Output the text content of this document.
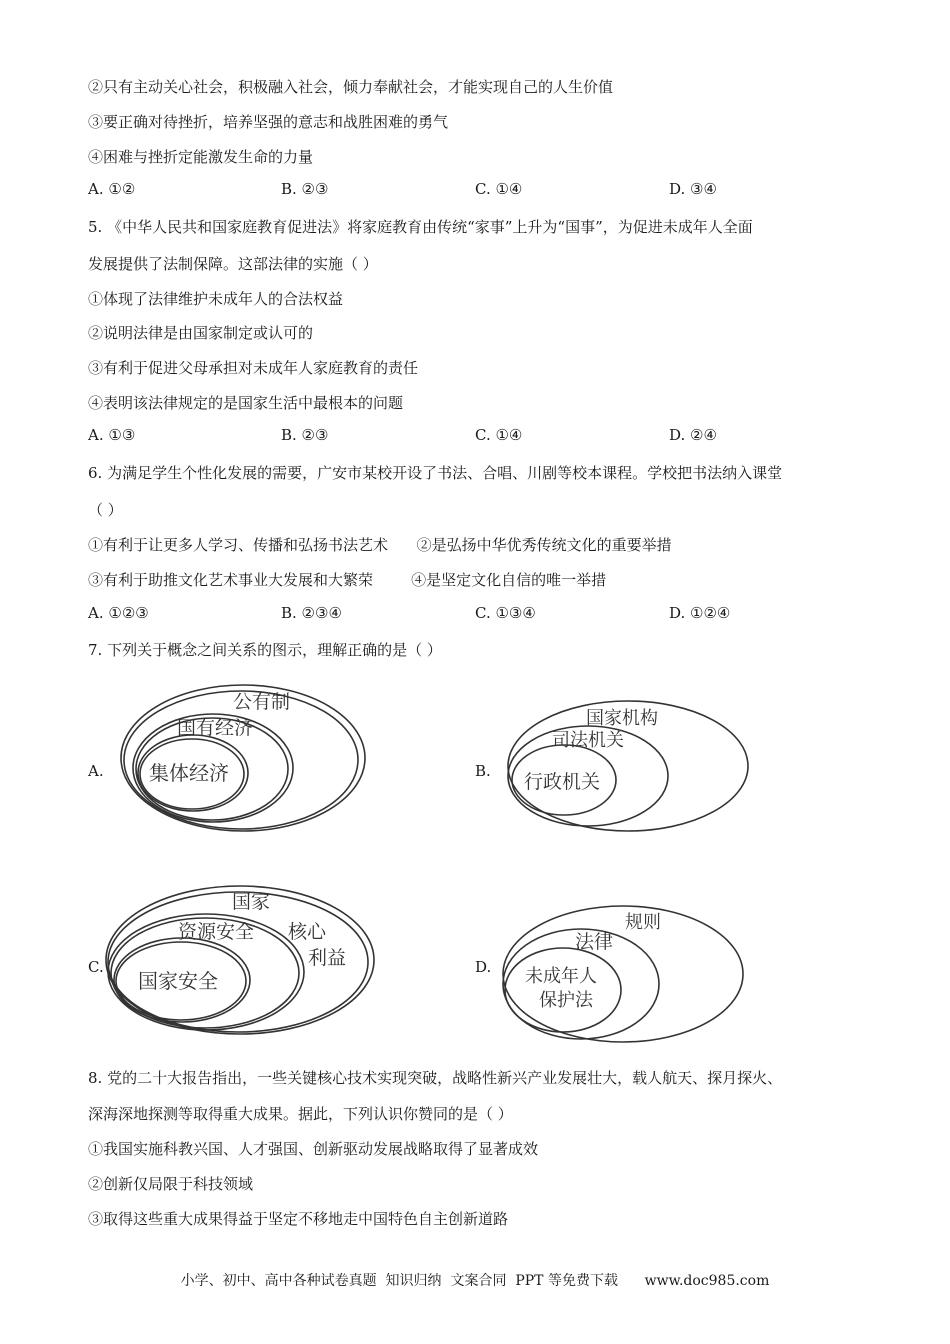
②只有主动关心社会，积极融入社会，倾力奉献社会，才能实现自己的人生价值
③要正确对待挫折，培养坚强的意志和战胜困难的勇气
④困难与挫折定能激发生命的力量
A. ①②	B. ②③	C. ①④	D. ③④
5. 《中华人民共和国家庭教育促进法》将家庭教育由传统“家事”上升为“国事”，为促进未成年人全面
发展提供了法制保障。这部法律的实施（ ）
①体现了法律维护未成年人的合法权益
②说明法律是由国家制定或认可的
③有利于促进父母承担对未成年人家庭教育的责任
④表明该法律规定的是国家生活中最根本的问题
A. ①③	B. ②③	C. ①④	D. ②④
6. 为满足学生个性化发展的需要，广安市某校开设了书法、合唱、川剧等校本课程。学校把书法纳入课堂
（ ）
①有利于让更多人学习、传播和弘扬书法艺术      ②是弘扬中华优秀传统文化的重要举措
③有利于助推文化艺术事业大发展和大繁荣        ④是坚定文化自信的唯一举措
A. ①②③	B. ②③④	C. ①③④	D. ①②④
7. 下列关于概念之间关系的图示，理解正确的是（ ）
A.
公有制
国有经济
集体经济	B.
国家机构
司法机关
行政机关
C.
国家
核心
利益
资源安全
国家安全
D.
规则
法律
未成年人
保护法
8. 党的二十大报告指出，一些关键核心技术实现突破，战略性新兴产业发展壮大，载人航天、探月探火、
深海深地探测等取得重大成果。据此，下列认识你赞同的是（ ）
①我国实施科教兴国、人才强国、创新驱动发展战略取得了显著成效
②创新仅局限于科技领域
③取得这些重大成果得益于坚定不移地走中国特色自主创新道路
小学、初中、高中各种试卷真题  知识归纳  文案合同  PPT 等免费下载      www.doc985.com
